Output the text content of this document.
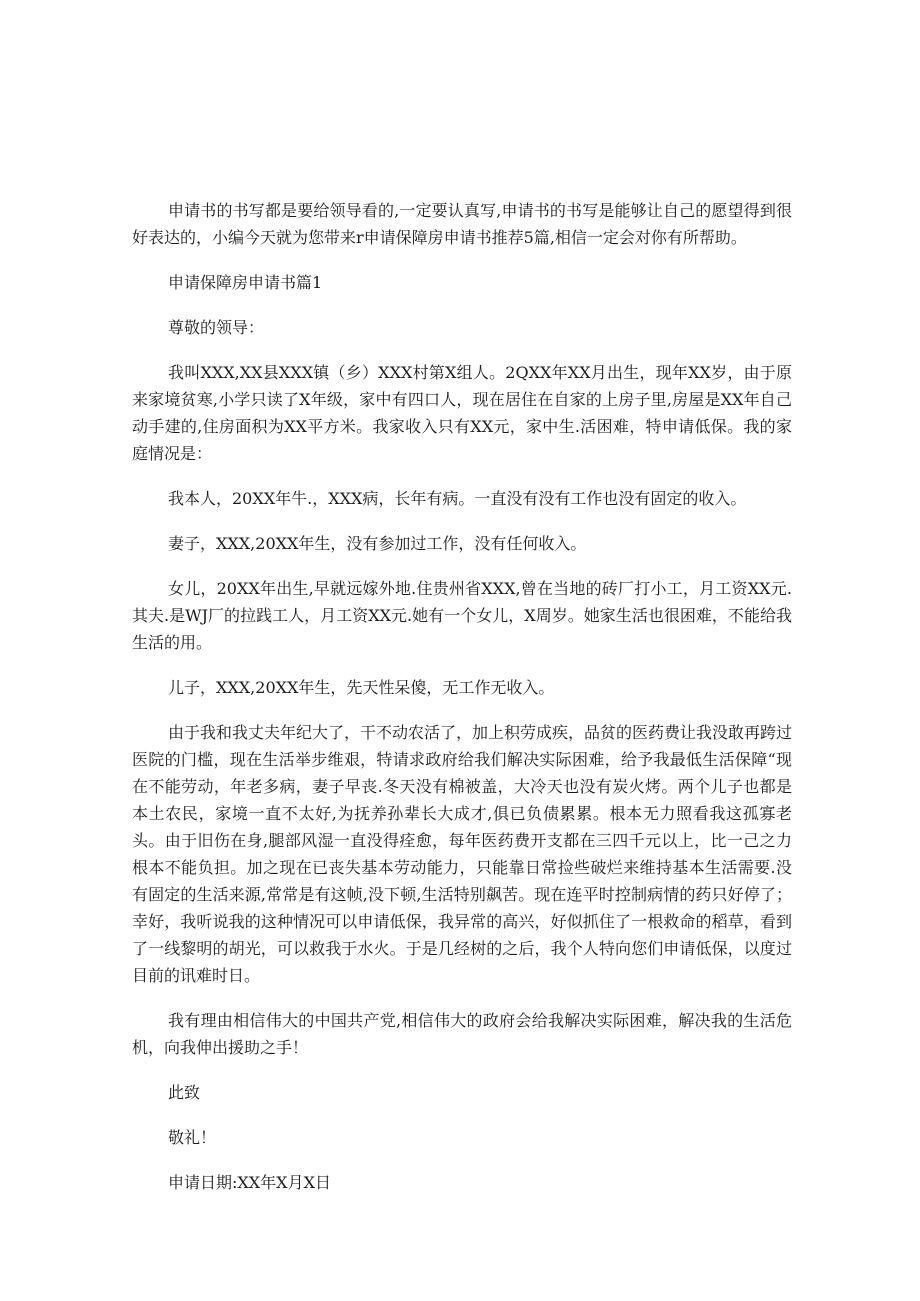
申请书的书写都是要给领导看的,一定要认真写,申请书的书写是能够让自己的愿望得到很好表达的，小编今天就为您带来r申请保障房申请书推荐5篇,相信一定会对你有所帮助。

申请保障房申请书篇1

尊敬的领导：

我叫XXX,XX县XXX镇（乡）XXX村第X组人。2QXX年XX月出生，现年XX岁，由于原来家境贫寒,小学只读了X年级，家中有四口人，现在居住在自家的上房子里,房屋是XX年自己动手建的,住房面积为XX平方米。我家收入只有XX元，家中生.活困难，特申请低保。我的家庭情况是：

我本人，20XX年牛.，XXX病，长年有病。一直没有没有工作也没有固定的收入。

妻子，XXX,20XX年生，没有参加过工作，没有任何收入。

女儿，20XX年出生,早就远嫁外地.住贵州省XXX,曾在当地的砖厂打小工，月工资XX元.其夫.是WJ厂的拉践工人，月工资XX元.她有一个女儿，X周岁。她家生活也很困难，不能给我生活的用。

儿子，XXX,20XX年生，先天性呆傻，无工作无收入。

由于我和我丈夫年纪大了，干不动农活了，加上积劳成疾，品贫的医药费让我没敢再跨过医院的门槛，现在生活举步维艰，特请求政府给我们解决实际困难，给予我最低生活保障“现在不能劳动，年老多病，妻子早丧.冬天没有棉被盖，大冷天也没有炭火烤。两个儿子也都是本土农民，家境一直不太好,为抚养孙辈长大成才,俱已负债累累。根本无力照看我这孤寡老头。由于旧伤在身,腿部风湿一直没得痊愈，每年医药费开支都在三四千元以上，比一己之力根本不能负担。加之现在已丧失基本劳动能力，只能靠日常捡些破烂来维持基本生活需要.没有固定的生活来源,常常是有这帧,没下顿,生活特别飙苦。现在连平时控制病情的药只好停了；幸好，我听说我的这种情况可以申请低保，我异常的高兴，好似抓住了一根救命的稻草，看到了一线黎明的胡光，可以救我于水火。于是几经树的之后，我个人特向您们申请低保，以度过目前的讯难时日。

我有理由相信伟大的中国共产党,相信伟大的政府会给我解决实际困难，解决我的生活危机，向我伸出援助之手！

此致

敬礼！

申请日期:XX年X月X日
